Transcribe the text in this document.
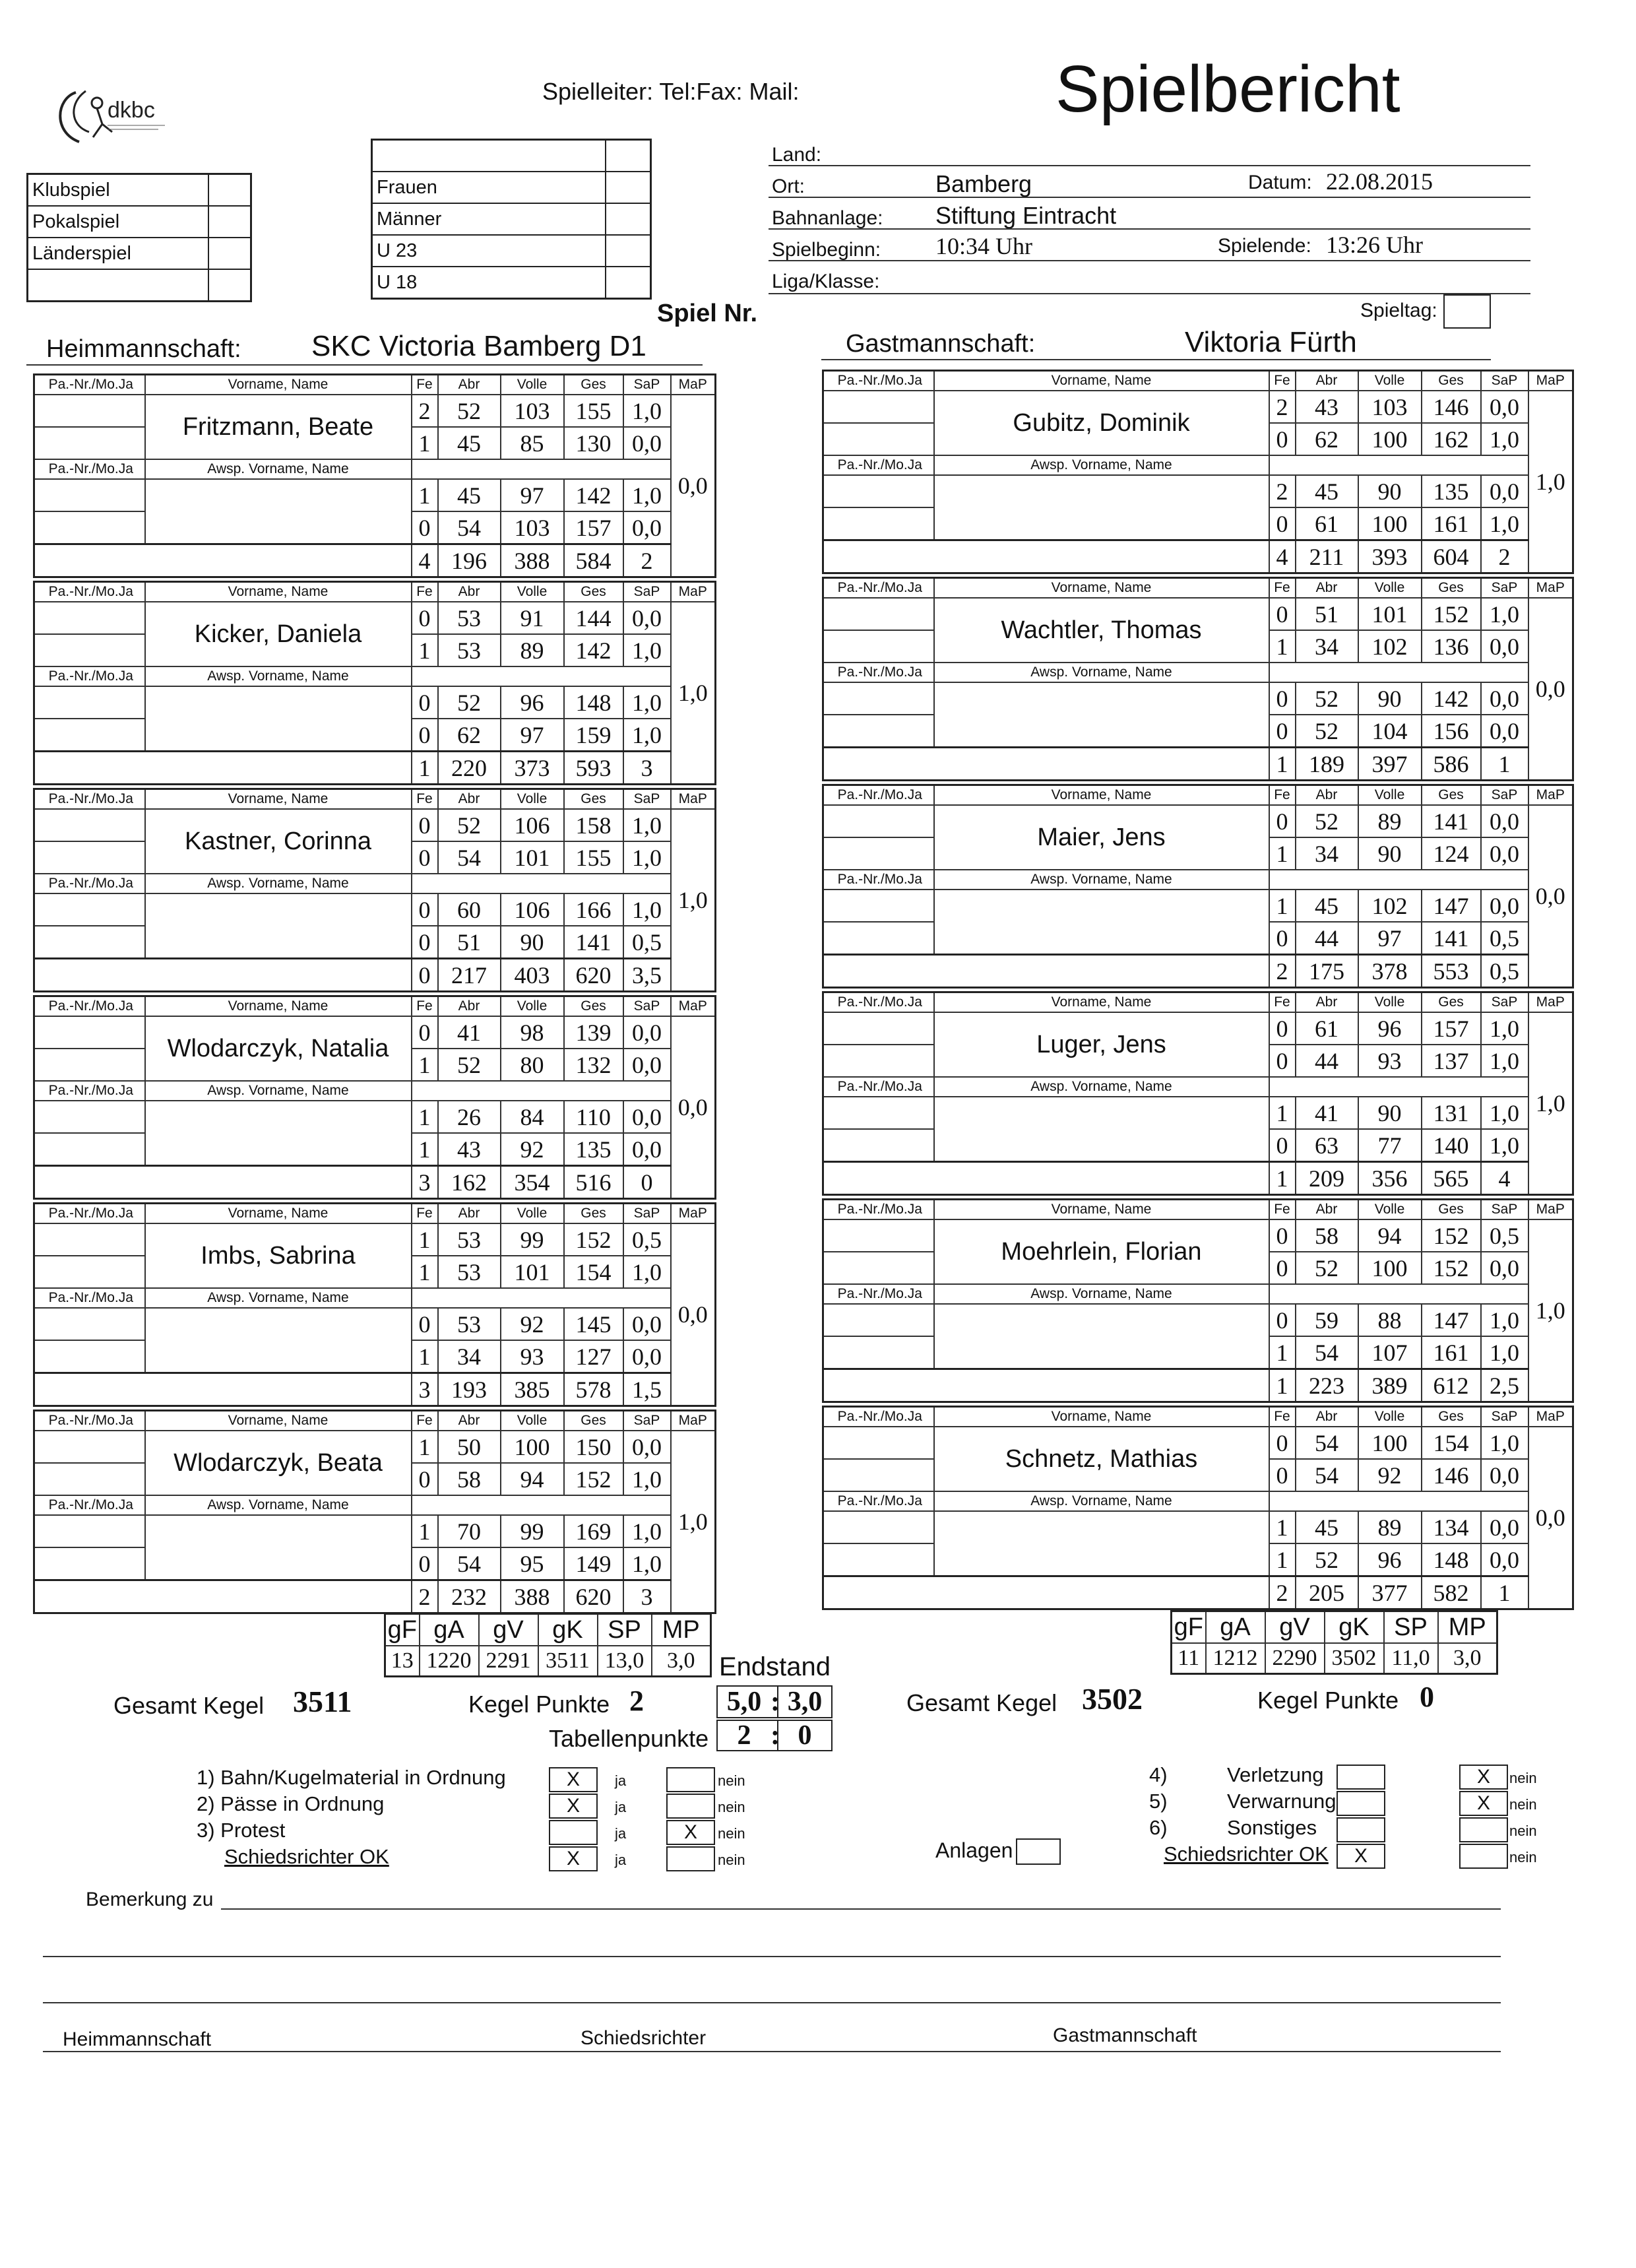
dkbc
Spielleiter: Tel:Fax: Mail:	Spielbericht
Klubspiel	
Pokalspiel	
Länderspiel	

Frauen	
Männer	
U 23	
U 18	
Land:
Ort:	Bamberg	Datum: 22.08.2015
Bahnanlage: Stiftung Eintracht
Spielbeginn: 10:34 Uhr	Spielende: 13:26 Uhr
Liga/Klasse:
Spiel Nr.	Spieltag:
Heimmannschaft: SKC Victoria Bamberg D1	Gastmannschaft:	Viktoria Fürth
Pa.-Nr./Mo.Ja	Vorname, Name	Fe	Abr	Volle	Ges	SaP	MaP
	Fritzmann, Beate	2	52	103	155	1,0	0,0
		1	45	85	130	0,0	
Pa.-Nr./Mo.Ja	Awsp. Vorname, Name						
		1	45	97	142	1,0	
		0	54	103	157	0,0	
		4	196	388	584	2	
Pa.-Nr./Mo.Ja	Vorname, Name	Fe	Abr	Volle	Ges	SaP	MaP
	Kicker, Daniela	0	53	91	144	0,0	1,0
		1	53	89	142	1,0	
Pa.-Nr./Mo.Ja	Awsp. Vorname, Name						
		0	52	96	148	1,0	
		0	62	97	159	1,0	
		1	220	373	593	3	
Pa.-Nr./Mo.Ja	Vorname, Name	Fe	Abr	Volle	Ges	SaP	MaP
	Kastner, Corinna	0	52	106	158	1,0	1,0
		0	54	101	155	1,0	
Pa.-Nr./Mo.Ja	Awsp. Vorname, Name						
		0	60	106	166	1,0	
		0	51	90	141	0,5	
		0	217	403	620	3,5	
Pa.-Nr./Mo.Ja	Vorname, Name	Fe	Abr	Volle	Ges	SaP	MaP
	Wlodarczyk, Natalia	0	41	98	139	0,0	0,0
		1	52	80	132	0,0	
Pa.-Nr./Mo.Ja	Awsp. Vorname, Name						
		1	26	84	110	0,0	
		1	43	92	135	0,0	
		3	162	354	516	0	
Pa.-Nr./Mo.Ja	Vorname, Name	Fe	Abr	Volle	Ges	SaP	MaP
	Imbs, Sabrina	1	53	99	152	0,5	0,0
		1	53	101	154	1,0	
Pa.-Nr./Mo.Ja	Awsp. Vorname, Name						
		0	53	92	145	0,0	
		1	34	93	127	0,0	
		3	193	385	578	1,5	
Pa.-Nr./Mo.Ja	Vorname, Name	Fe	Abr	Volle	Ges	SaP	MaP
	Wlodarczyk, Beata	1	50	100	150	0,0	1,0
		0	58	94	152	1,0	
Pa.-Nr./Mo.Ja	Awsp. Vorname, Name						
		1	70	99	169	1,0	
		0	54	95	149	1,0	
		2	232	388	620	3	
Pa.-Nr./Mo.Ja	Vorname, Name	Fe	Abr	Volle	Ges	SaP	MaP
	Gubitz, Dominik	2	43	103	146	0,0	1,0
		0	62	100	162	1,0	
Pa.-Nr./Mo.Ja	Awsp. Vorname, Name						
		2	45	90	135	0,0	
		0	61	100	161	1,0	
		4	211	393	604	2	
Pa.-Nr./Mo.Ja	Vorname, Name	Fe	Abr	Volle	Ges	SaP	MaP
	Wachtler, Thomas	0	51	101	152	1,0	0,0
		1	34	102	136	0,0	
Pa.-Nr./Mo.Ja	Awsp. Vorname, Name						
		0	52	90	142	0,0	
		0	52	104	156	0,0	
		1	189	397	586	1	
Pa.-Nr./Mo.Ja	Vorname, Name	Fe	Abr	Volle	Ges	SaP	MaP
	Maier, Jens	0	52	89	141	0,0	0,0
		1	34	90	124	0,0	
Pa.-Nr./Mo.Ja	Awsp. Vorname, Name						
		1	45	102	147	0,0	
		0	44	97	141	0,5	
		2	175	378	553	0,5	
Pa.-Nr./Mo.Ja	Vorname, Name	Fe	Abr	Volle	Ges	SaP	MaP
	Luger, Jens	0	61	96	157	1,0	1,0
		0	44	93	137	1,0	
Pa.-Nr./Mo.Ja	Awsp. Vorname, Name						
		1	41	90	131	1,0	
		0	63	77	140	1,0	
		1	209	356	565	4	
Pa.-Nr./Mo.Ja	Vorname, Name	Fe	Abr	Volle	Ges	SaP	MaP
	Moehrlein, Florian	0	58	94	152	0,5	1,0
		0	52	100	152	0,0	
Pa.-Nr./Mo.Ja	Awsp. Vorname, Name						
		0	59	88	147	1,0	
		1	54	107	161	1,0	
		1	223	389	612	2,5	
Pa.-Nr./Mo.Ja	Vorname, Name	Fe	Abr	Volle	Ges	SaP	MaP
	Schnetz, Mathias	0	54	100	154	1,0	0,0
		0	54	92	146	0,0	
Pa.-Nr./Mo.Ja	Awsp. Vorname, Name						
		1	45	89	134	0,0	
		1	52	96	148	0,0	
		2	205	377	582	1	
gF	gA	gV	gK	SP	MP
13	1220	2291	3511	13,0	3,0
gF	gA	gV	gK	SP	MP
11	1212	2290	3502	11,0	3,0
Endstand
5,0 : 3,0
Tabellenpunkte	2 : 0
Gesamt Kegel 3511	Kegel Punkte 2	Gesamt Kegel 3502	Kegel Punkte 0
1) Bahn/Kugelmaterial in Ordnung	X	ja	nein
2) Pässe in Ordnung	X	ja	nein
3) Protest	ja	X	nein
Schiedsrichter OK	X	ja	nein
4)	Verletzung	X	nein
5)	Verwarnung	X	nein
6)	Sonstiges	nein
Schiedsrichter OK	X	nein
Anlagen
Bemerkung zu
Heimmannschaft	Schiedsrichter	Gastmannschaft
